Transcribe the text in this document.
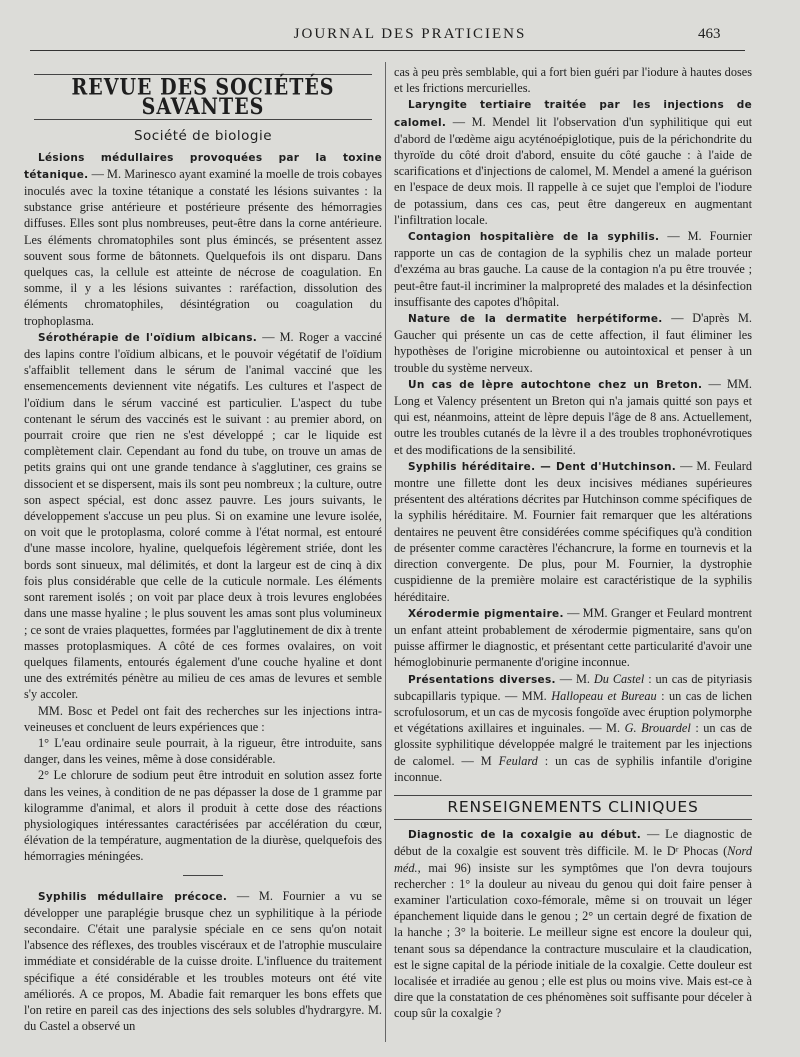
JOURNAL DES PRATICIENS	463
REVUE DES SOCIÉTÉS SAVANTES
Société de biologie

Lésions médullaires provoquées par la toxine tétanique. — M. Marinesco ayant examiné la moelle de trois cobayes inoculés avec la toxine tétanique a constaté les lésions suivantes : la substance grise antérieure et postérieure présente des hémorragies diffuses. Elles sont plus nombreuses, peut-être dans la corne antérieure. Les éléments chromatophiles sont plus émincés, se présentent assez souvent sous forme de bâtonnets. Quelquefois ils ont disparu. Dans quelques cas, la cellule est atteinte de nécrose de coagulation. En somme, il y a les lésions suivantes : raréfaction, dissolution des éléments chromatophiles, désintégration ou coagulation du trophoplasma.

Sérothérapie de l'oïdium albicans. — M. Roger a vacciné des lapins contre l'oïdium albicans, et le pouvoir végétatif de l'oïdium s'affaiblit tellement dans le sérum de l'animal vacciné que les ensemencements deviennent vite négatifs. Les cultures et l'aspect de l'oïdium dans le sérum vacciné est particulier. L'aspect du tube contenant le sérum des vaccinés est le suivant : au premier abord, on pourrait croire que rien ne s'est développé ; car le liquide est complètement clair. Cependant au fond du tube, on trouve un amas de petits grains qui ont une grande tendance à s'agglutiner, ces grains se dissocient et se dispersent, mais ils sont peu nombreux ; la culture, outre son aspect spécial, est donc assez pauvre. Les jours suivants, le développement s'accuse un peu plus. Si on examine une levure isolée, on voit que le protoplasma, coloré comme à l'état normal, est entouré d'une masse incolore, hyaline, quelquefois légèrement striée, dont les bords sont sinueux, mal délimités, et dont la largeur est de cinq à dix fois plus considérable que celle de la cuticule normale. Les éléments sont rarement isolés ; on voit par place deux à trois levures englobées dans une masse hyaline ; le plus souvent les amas sont plus volumineux ; ce sont de vraies plaquettes, formées par l'agglutinement de dix à trente masses protoplasmiques. A côté de ces formes ovalaires, on voit quelques filaments, entourés également d'une couche hyaline et dont une des extrémités pénètre au milieu de ces amas de levures et semble s'y accoler.

MM. Bosc et Pedel ont fait des recherches sur les injections intra-veineuses et concluent de leurs expériences que :

1° L'eau ordinaire seule pourrait, à la rigueur, être introduite, sans danger, dans les veines, même à dose considérable.

2° Le chlorure de sodium peut être introduit en solution assez forte dans les veines, à condition de ne pas dépasser la dose de 1 gramme par kilogramme d'animal, et alors il produit à cette dose des réactions physiologiques intéressantes caractérisées par accélération du cœur, élévation de la température, augmentation de la diurèse, quelquefois des hémorragies méningées.

Syphilis médullaire précoce. — M. Fournier a vu se développer une paraplégie brusque chez un syphilitique à la période secondaire. C'était une paralysie spéciale en ce sens qu'on notait l'absence des réflexes, des troubles viscéraux et de l'atrophie musculaire immédiate et considérable de la cuisse droite. L'influence du traitement spécifique a été considérable et les troubles moteurs ont été vite améliorés. A ce propos, M. Abadie fait remarquer les bons effets que l'on retire en pareil cas des injections des sels solubles d'hydrargyre. M. du Castel a observé un

cas à peu près semblable, qui a fort bien guéri par l'iodure à hautes doses et les frictions mercurielles.

Laryngite tertiaire traitée par les injections de calomel. — M. Mendel lit l'observation d'un syphilitique qui eut d'abord de l'œdème aigu acyténoépiglotique, puis de la périchondrite du thyroïde du côté droit d'abord, ensuite du côté gauche : à l'aide de scarifications et d'injections de calomel, M. Mendel a amené la guérison en l'espace de deux mois. Il rappelle à ce sujet que l'emploi de l'iodure de potassium, dans ces cas, peut être dangereux en augmentant l'infiltration locale.

Contagion hospitalière de la syphilis. — M. Fournier rapporte un cas de contagion de la syphilis chez un malade porteur d'exzéma au bras gauche. La cause de la contagion n'a pu être trouvée ; peut-être faut-il incriminer la malpropreté des malades et la désinfection insuffisante des capotes d'hôpital.

Nature de la dermatite herpétiforme. — D'après M. Gaucher qui présente un cas de cette affection, il faut éliminer les hypothèses de l'origine microbienne ou autointoxical et penser à un trouble du système nerveux.

Un cas de lèpre autochtone chez un Breton. — MM. Long et Valency présentent un Breton qui n'a jamais quitté son pays et qui est, néanmoins, atteint de lèpre depuis l'âge de 8 ans. Actuellement, outre les troubles cutanés de la lèvre il a des troubles trophonévrotiques et des modifications de la sensibilité.

Syphilis héréditaire. — Dent d'Hutchinson. — M. Feulard montre une fillette dont les deux incisives médianes supérieures présentent des altérations décrites par Hutchinson comme spécifiques de la syphilis héréditaire. M. Fournier fait remarquer que les altérations dentaires ne peuvent être considérées comme spécifiques qu'à condition de présenter comme caractères l'échancrure, la forme en tournevis et la direction convergente. De plus, pour M. Fournier, la dystrophie cuspidienne de la première molaire est caractéristique de la syphilis héréditaire.

Xérodermie pigmentaire. — MM. Granger et Feulard montrent un enfant atteint probablement de xérodermie pigmentaire, sans qu'on puisse affirmer le diagnostic, et présentant cette particularité d'avoir une hémoglobinurie permanente d'origine inconnue.

Présentations diverses. — M. Du Castel : un cas de pityriasis subcapillaris typique. — MM. Hallopeau et Bureau : un cas de lichen scrofulosorum, et un cas de mycosis fongoïde avec éruption polymorphe et végétations axillaires et inguinales. — M. G. Brouardel : un cas de glossite syphilitique développée malgré le traitement par les injections de calomel. — M Feulard : un cas de syphilis infantile d'origine inconnue.

RENSEIGNEMENTS CLINIQUES

Diagnostic de la coxalgie au début. — Le diagnostic de début de la coxalgie est souvent très difficile. M. le Dʳ Phocas (Nord méd., mai 96) insiste sur les symptômes que l'on devra toujours rechercher : 1° la douleur au niveau du genou qui doit faire penser à examiner l'articulation coxo-fémorale, même si on trouvait un léger épanchement liquide dans le genou ; 2° un certain degré de fixation de la hanche ; 3° la boiterie. Le meilleur signe est encore la douleur qui, tenant sous sa dépendance la contracture musculaire et la claudication, est le signe capital de la période initiale de la coxalgie. Cette douleur est localisée et irradiée au genou ; elle est plus ou moins vive. Mais est-ce à dire que la constatation de ces phénomènes soit suffisante pour déceler à coup sûr la coxalgie ?
